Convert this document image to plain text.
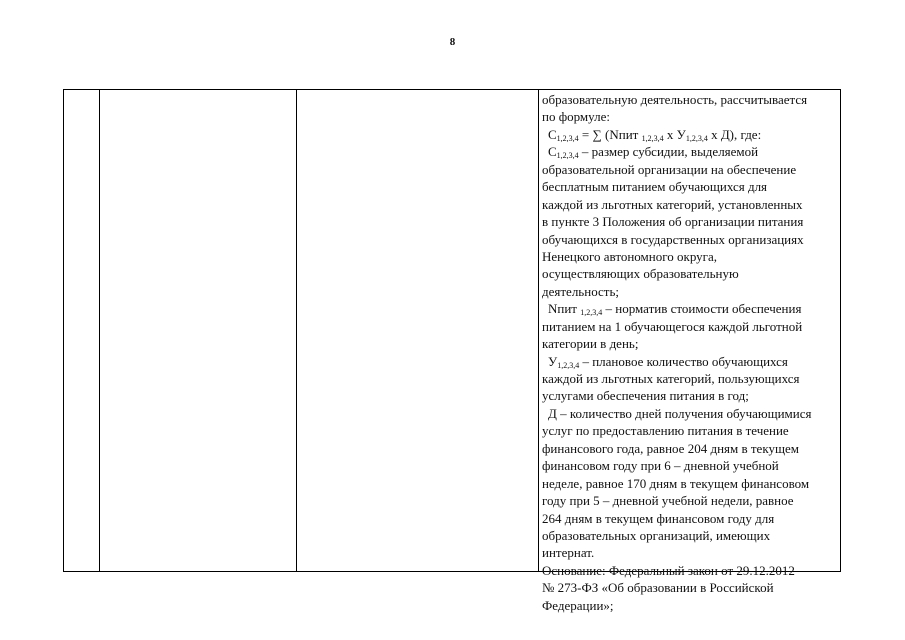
8
образовательную деятельность, рассчитывается
по формуле:
$С_{1,2,3,4}$ = ∑ (Nпит $_{1,2,3,4}$ х $У_{1,2,3,4}$ х Д), где:
$С_{1,2,3,4}$ – размер субсидии, выделяемой
образовательной организации на обеспечение
бесплатным питанием обучающихся для
каждой из льготных категорий, установленных
в пункте 3 Положения об организации питания
обучающихся в государственных организациях
Ненецкого автономного округа,
осуществляющих образовательную
деятельность;
Nпит $_{1,2,3,4}$ – норматив стоимости обеспечения
питанием на 1 обучающегося каждой льготной
категории в день;
$У_{1,2,3,4}$ – плановое количество обучающихся
каждой из льготных категорий, пользующихся
услугами обеспечения питания в год;
Д – количество дней получения обучающимися
услуг по предоставлению питания в течение
финансового года, равное 204 дням в текущем
финансовом году при 6 – дневной учебной
неделе, равное 170 дням в текущем финансовом
году при 5 – дневной учебной недели, равное
264 дням в текущем финансовом году для
образовательных организаций, имеющих
интернат.
Основание: Федеральный закон от 29.12.2012
№ 273-ФЗ «Об образовании в Российской
Федерации»;
